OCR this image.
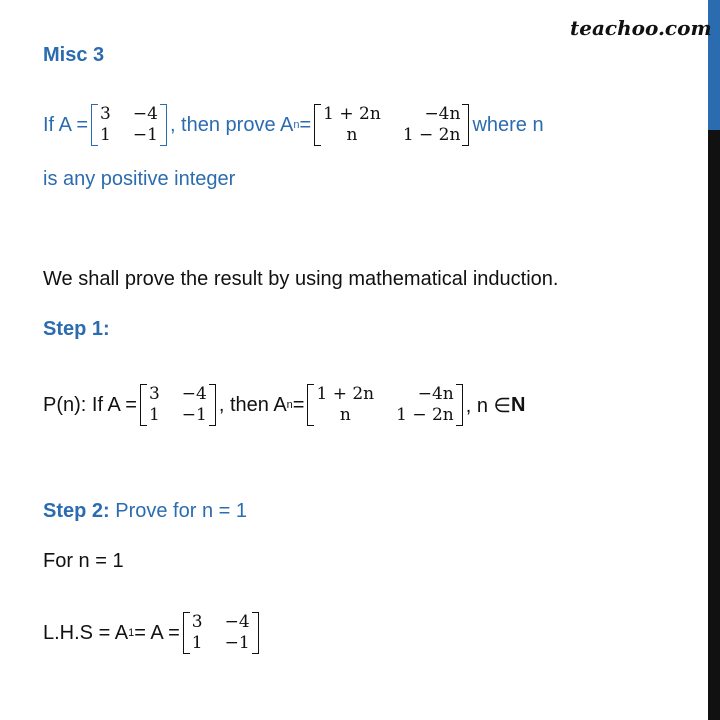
teachoo.com
Misc 3
If A = 3 −4
1 −1 , then prove A n = 1 + 2n	−4n
n	1 − 2n where n
is any positive integer
We shall prove the result by using mathematical induction.
Step 1:
P(n): If A = 3 −4
1 −1 , then A n = 1 + 2n	−4n
n	1 − 2n , n ∈ N
Step 2: Prove for n = 1
For n = 1
L.H.S = A 1 = A = 3 −4
1 −1
